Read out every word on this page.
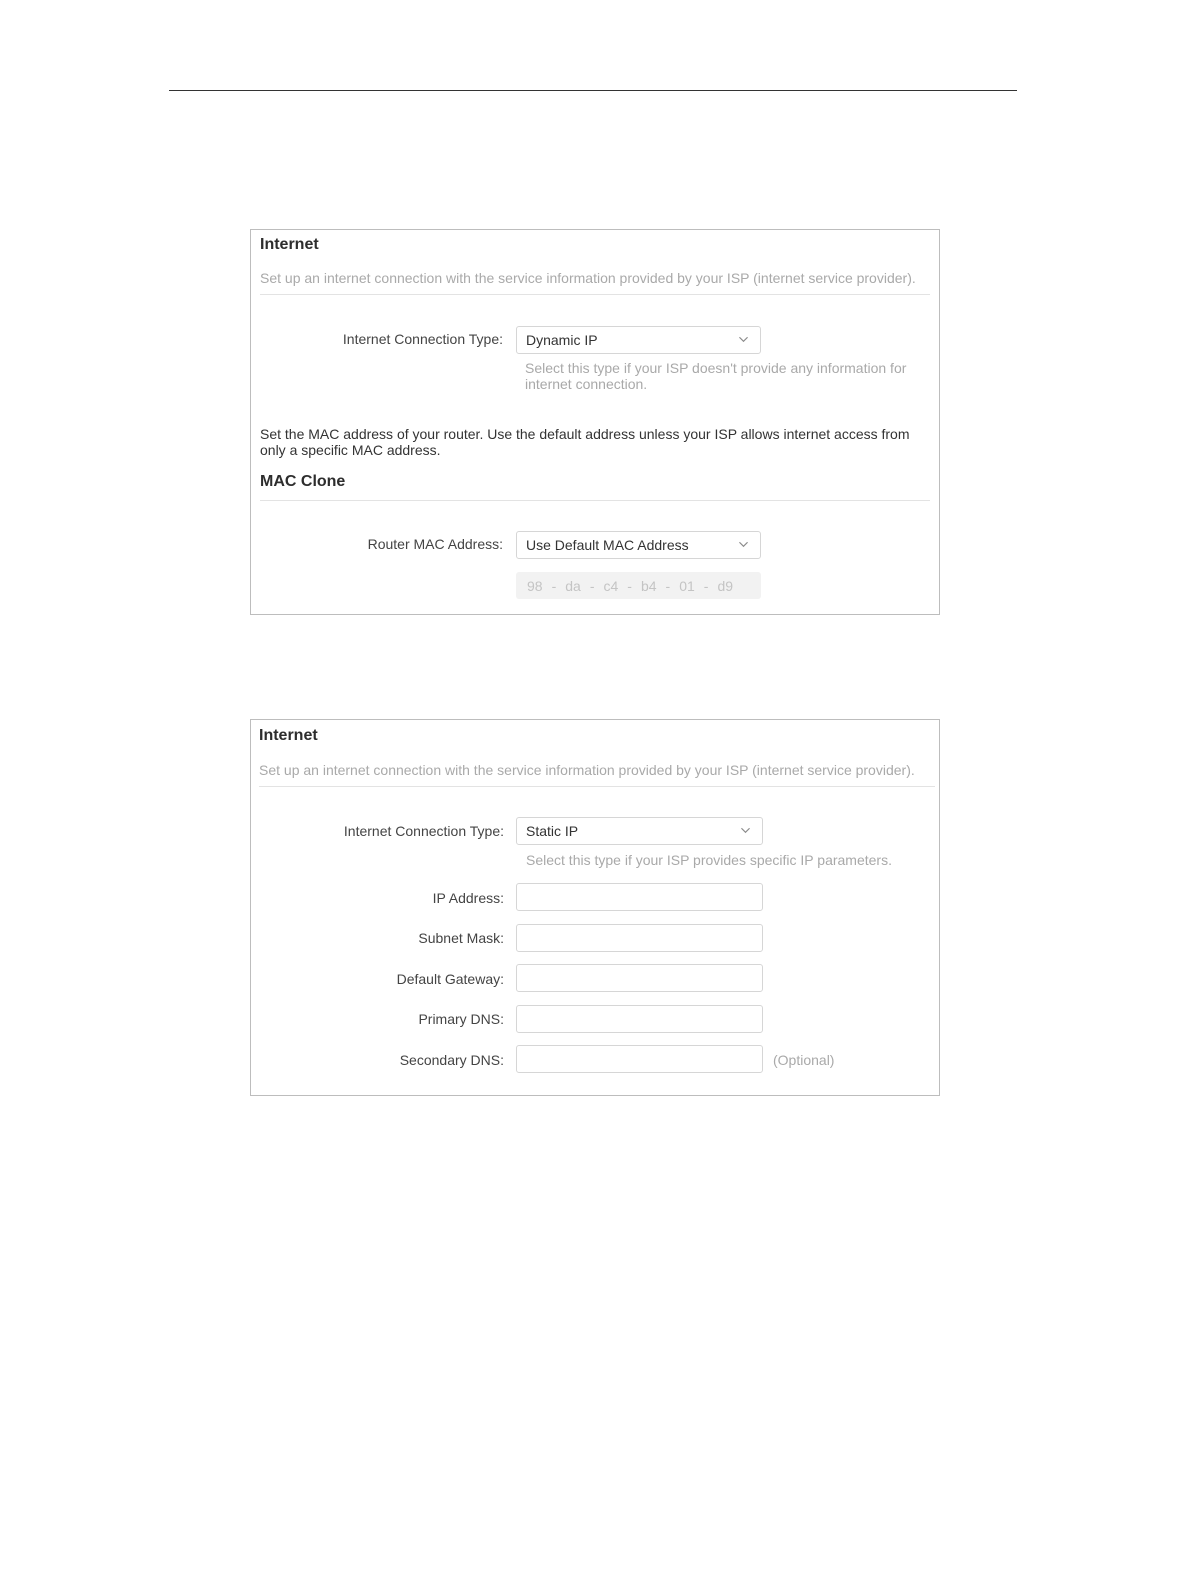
Internet
Set up an internet connection with the service information provided by your ISP (internet service provider).
Internet Connection Type:	Dynamic IP
Select this type if your ISP doesn't provide any information for internet connection.
Set the MAC address of your router. Use the default address unless your ISP allows internet access from only a specific MAC address.
MAC Clone
Router MAC Address:	Use Default MAC Address
98 - da - c4 - b4 - 01 - d9
Internet
Set up an internet connection with the service information provided by your ISP (internet service provider).
Internet Connection Type:	Static IP
Select this type if your ISP provides specific IP parameters.
IP Address:
Subnet Mask:
Default Gateway:
Primary DNS:
Secondary DNS:	(Optional)
